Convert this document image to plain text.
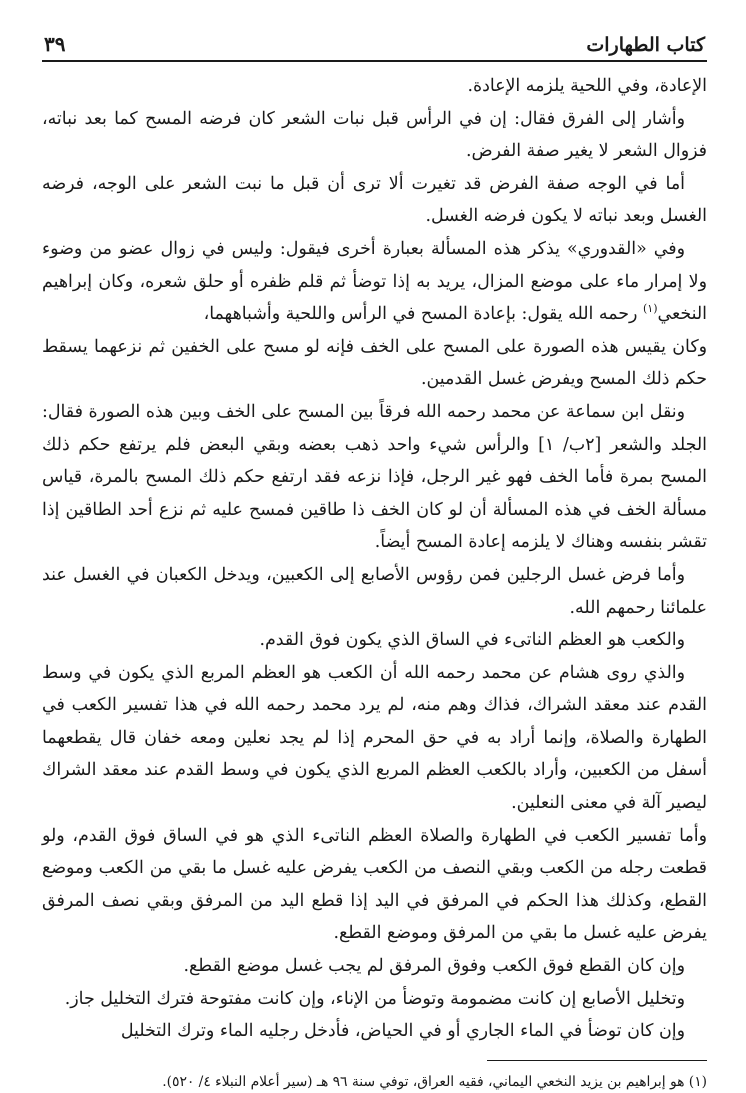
كتاب الطهارات
٣٩

الإعادة، وفي اللحية يلزمه الإعادة.

وأشار إلى الفرق فقال: إن في الرأس قبل نبات الشعر كان فرضه المسح كما بعد نباته، فزوال الشعر لا يغير صفة الفرض.

أما في الوجه صفة الفرض قد تغيرت ألا ترى أن قبل ما نبت الشعر على الوجه، فرضه الغسل وبعد نباته لا يكون فرضه الغسل.

وفي «القدوري» يذكر هذه المسألة بعبارة أخرى فيقول: وليس في زوال عضو من وضوء ولا إمرار ماء على موضع المزال، يريد به إذا توضأ ثم قلم ظفره أو حلق شعره، وكان إبراهيم النخعي$^{(١)}$ رحمه الله يقول: بإعادة المسح في الرأس واللحية وأشباههما،

وكان يقيس هذه الصورة على المسح على الخف فإنه لو مسح على الخفين ثم نزعهما يسقط حكم ذلك المسح ويفرض غسل القدمين.

ونقل ابن سماعة عن محمد رحمه الله فرقاً بين المسح على الخف وبين هذه الصورة فقال: الجلد والشعر [٢ب/ ١] والرأس شيء واحد ذهب بعضه وبقي البعض فلم يرتفع حكم ذلك المسح بمرة فأما الخف فهو غير الرجل، فإذا نزعه فقد ارتفع حكم ذلك المسح بالمرة، قياس مسألة الخف في هذه المسألة أن لو كان الخف ذا طاقين فمسح عليه ثم نزع أحد الطاقين إذا تقشر بنفسه وهناك لا يلزمه إعادة المسح أيضاً.

وأما فرض غسل الرجلين فمن رؤوس الأصابع إلى الكعبين، ويدخل الكعبان في الغسل عند علمائنا رحمهم الله.

والكعب هو العظم الناتىء في الساق الذي يكون فوق القدم.

والذي روى هشام عن محمد رحمه الله أن الكعب هو العظم المربع الذي يكون في وسط القدم عند معقد الشراك، فذاك وهم منه، لم يرد محمد رحمه الله في هذا تفسير الكعب في الطهارة والصلاة، وإنما أراد به في حق المحرم إذا لم يجد نعلين ومعه خفان قال يقطعهما أسفل من الكعبين، وأراد بالكعب العظم المربع الذي يكون في وسط القدم عند معقد الشراك ليصير آلة في معنى النعلين.

وأما تفسير الكعب في الطهارة والصلاة العظم الناتىء الذي هو في الساق فوق القدم، ولو قطعت رجله من الكعب وبقي النصف من الكعب يفرض عليه غسل ما بقي من الكعب وموضع القطع، وكذلك هذا الحكم في المرفق في اليد إذا قطع اليد من المرفق وبقي نصف المرفق يفرض عليه غسل ما بقي من المرفق وموضع القطع.

وإن كان القطع فوق الكعب وفوق المرفق لم يجب غسل موضع القطع.

وتخليل الأصابع إن كانت مضمومة وتوضأ من الإناء، وإن كانت مفتوحة فترك التخليل جاز.

وإن كان توضأ في الماء الجاري أو في الحياض، فأدخل رجليه الماء وترك التخليل

(١) هو إبراهيم بن يزيد النخعي اليماني، فقيه العراق، توفي سنة ٩٦ هـ (سير أعلام النبلاء ٤/ ٥٢٠).
